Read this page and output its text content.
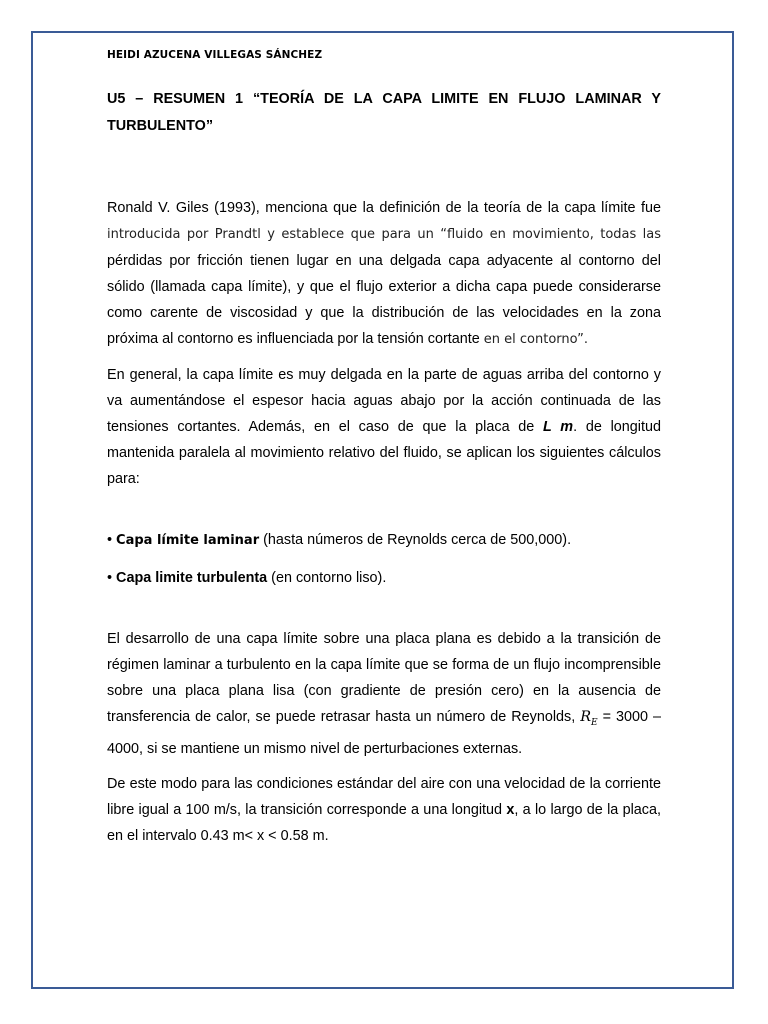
HEIDI AZUCENA VILLEGAS SÁNCHEZ

U5 – RESUMEN 1 “TEORÍA DE LA CAPA LIMITE EN FLUJO LAMINAR Y TURBULENTO”

Ronald V. Giles (1993), menciona que la definición de la teoría de la capa límite fue introducida por Prandtl y establece que para un “fluido en movimiento, todas las pérdidas por fricción tienen lugar en una delgada capa adyacente al contorno del sólido (llamada capa límite), y que el flujo exterior a dicha capa puede considerarse como carente de viscosidad y que la distribución de las velocidades en la zona próxima al contorno es influenciada por la tensión cortante en el contorno”.

En general, la capa límite es muy delgada en la parte de aguas arriba del contorno y va aumentándose el espesor hacia aguas abajo por la acción continuada de las tensiones cortantes. Además, en el caso de que la placa de L m. de longitud mantenida paralela al movimiento relativo del fluido, se aplican los siguientes cálculos para:

• Capa límite laminar (hasta números de Reynolds cerca de 500,000).

• Capa limite turbulenta (en contorno liso).

El desarrollo de una capa límite sobre una placa plana es debido a la transición de régimen laminar a turbulento en la capa límite que se forma de un flujo incomprensible sobre una placa plana lisa (con gradiente de presión cero) en la ausencia de transferencia de calor, se puede retrasar hasta un número de Reynolds, $R_E = 3000 - 4000$, si se mantiene un mismo nivel de perturbaciones externas.

De este modo para las condiciones estándar del aire con una velocidad de la corriente libre igual a 100 m/s, la transición corresponde a una longitud x, a lo largo de la placa, en el intervalo 0.43 m< x < 0.58 m.
